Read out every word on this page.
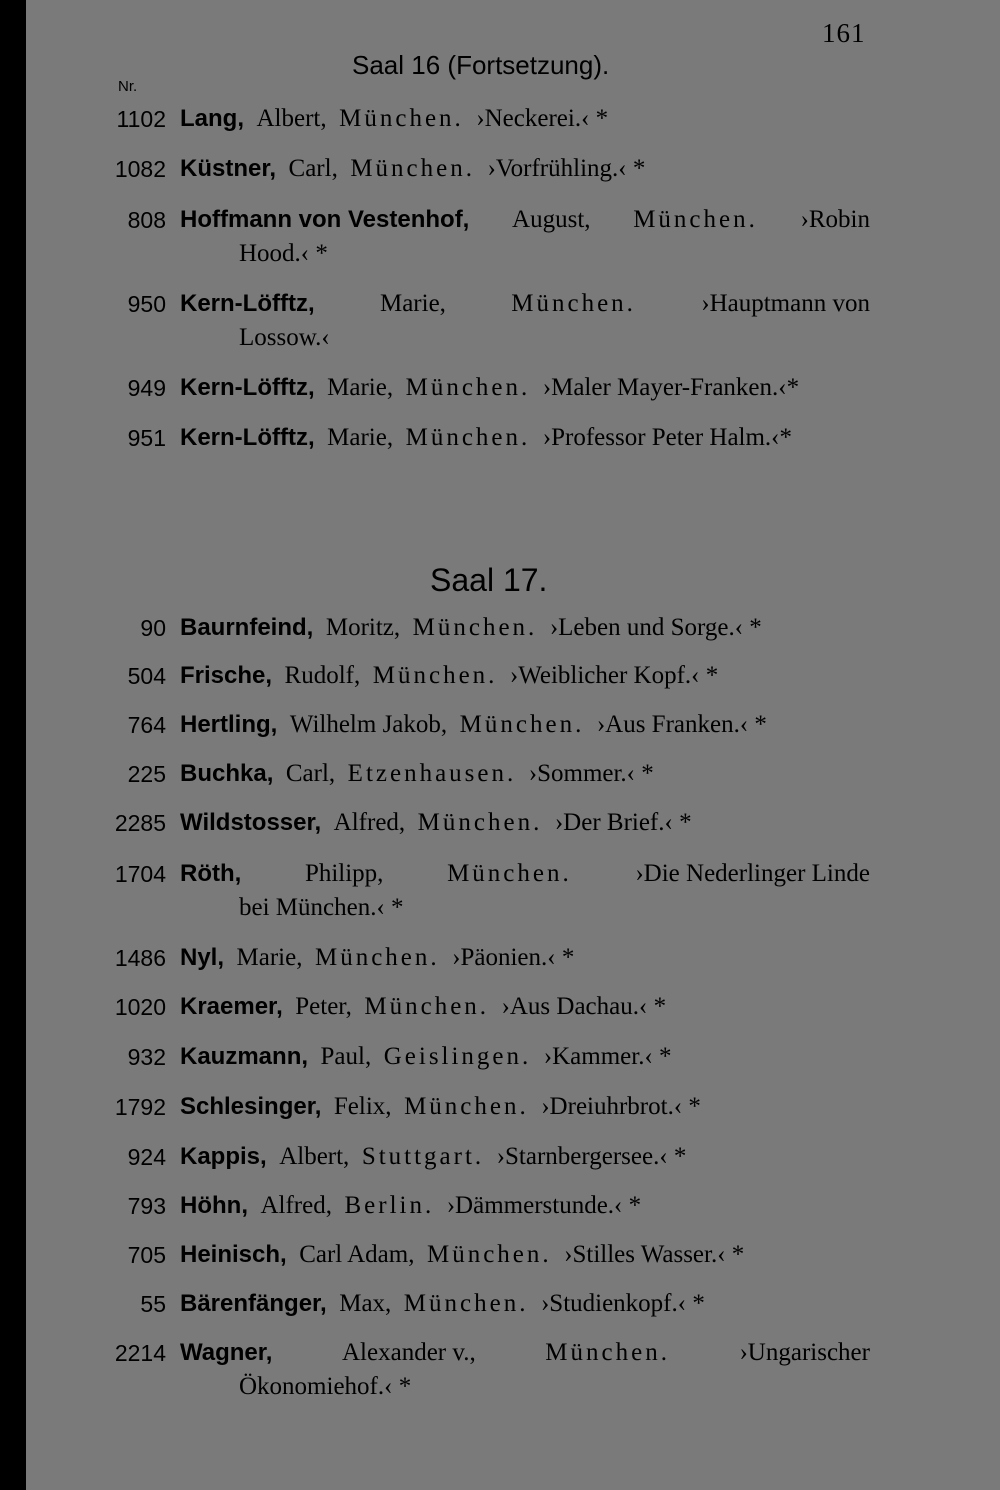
161
Saal 16 (Fortsetzung).
Nr.
1102 Lang, Albert, München. ›Neckerei.‹ *
1082 Küstner, Carl, München. ›Vorfrühling.‹ *
808 Hoffmann von Vestenhof, August, München. ›Robin
Hood.‹ *
950 Kern-Löfftz,	Marie,	München.	›Hauptmann von
Lossow.‹
949 Kern-Löfftz, Marie, München. ›Maler Mayer-Franken.‹*
951 Kern-Löfftz, Marie, München. ›Professor Peter Halm.‹*
Saal 17.
90 Baurnfeind, Moritz, München. ›Leben und Sorge.‹ *
504 Frische, Rudolf, München. ›Weiblicher Kopf.‹ *
764 Hertling, Wilhelm Jakob, München. ›Aus Franken.‹ *
225 Buchka, Carl, Etzenhausen. ›Sommer.‹ *
2285 Wildstosser, Alfred, München. ›Der Brief.‹ *
1704 Röth,	Philipp,	München.	›Die Nederlinger Linde
bei München.‹ *
1486 Nyl, Marie, München. ›Päonien.‹ *
1020 Kraemer, Peter, München. ›Aus Dachau.‹ *
932 Kauzmann, Paul, Geislingen. ›Kammer.‹ *
1792 Schlesinger, Felix, München. ›Dreiuhrbrot.‹ *
924 Kappis, Albert, Stuttgart. ›Starnbergersee.‹ *
793 Höhn, Alfred, Berlin. ›Dämmerstunde.‹ *
705 Heinisch, Carl Adam, München. ›Stilles Wasser.‹ *
55 Bärenfänger, Max, München. ›Studienkopf.‹ *
2214 Wagner,	Alexander v.,	München.	›Ungarischer
Ökonomiehof.‹ *
